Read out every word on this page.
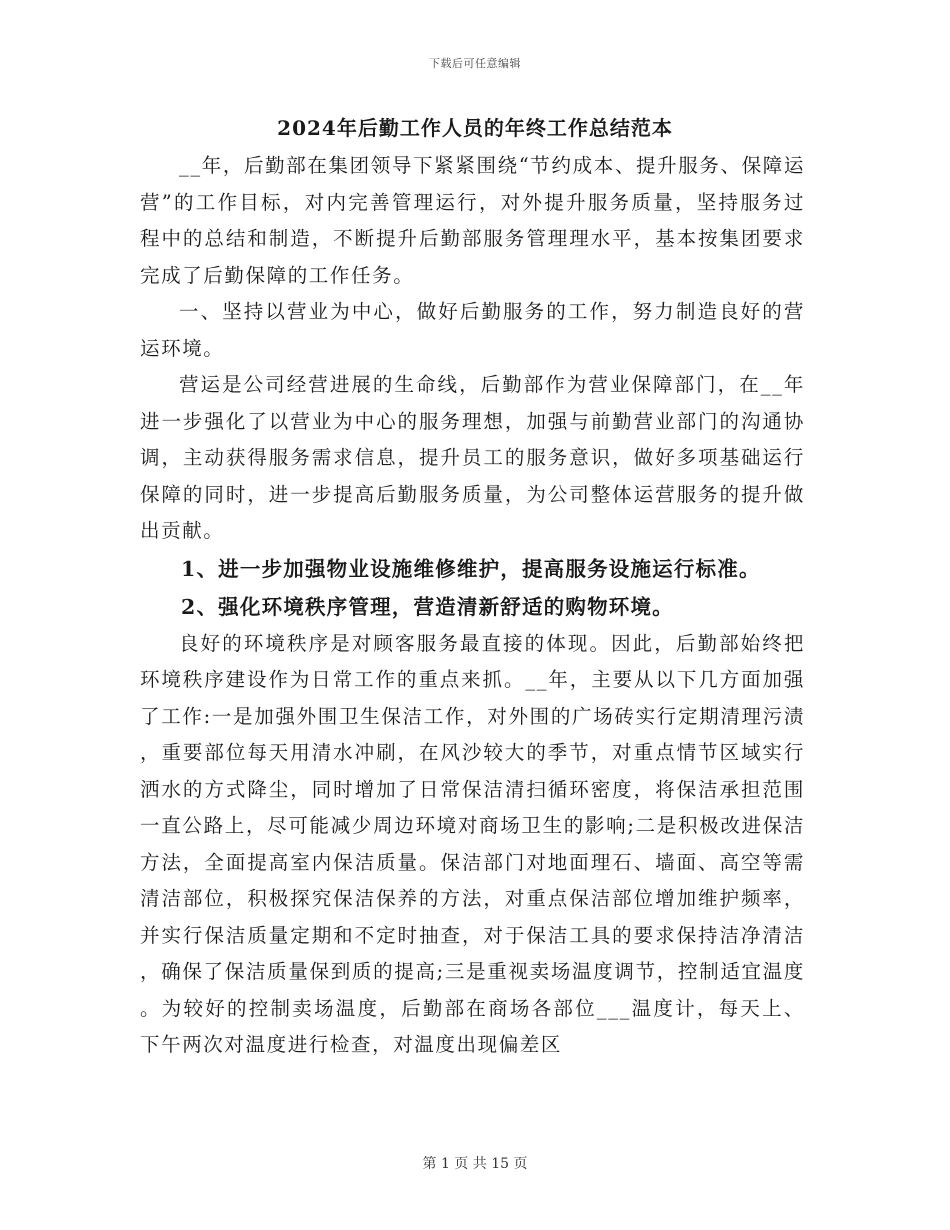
下载后可任意编辑
2024年后勤工作人员的年终工作总结范本

__年，后勤部在集团领导下紧紧围绕“节约成本、提升服务、保障运营”的工作目标，对内完善管理运行，对外提升服务质量，坚持服务过程中的总结和制造，不断提升后勤部服务管理理水平，基本按集团要求完成了后勤保障的工作任务。

一、坚持以营业为中心，做好后勤服务的工作，努力制造良好的营运环境。

营运是公司经营进展的生命线，后勤部作为营业保障部门，在__年进一步强化了以营业为中心的服务理想，加强与前勤营业部门的沟通协调，主动获得服务需求信息，提升员工的服务意识，做好多项基础运行保障的同时，进一步提高后勤服务质量，为公司整体运营服务的提升做出贡献。

1、进一步加强物业设施维修维护，提高服务设施运行标准。

2、强化环境秩序管理，营造清新舒适的购物环境。

良好的环境秩序是对顾客服务最直接的体现。因此，后勤部始终把环境秩序建设作为日常工作的重点来抓。__年，主要从以下几方面加强了工作:一是加强外围卫生保洁工作，对外围的广场砖实行定期清理污渍，重要部位每天用清水冲刷，在风沙较大的季节，对重点情节区域实行洒水的方式降尘，同时增加了日常保洁清扫循环密度，将保洁承担范围一直公路上，尽可能减少周边环境对商场卫生的影响;二是积极改进保洁方法，全面提高室内保洁质量。保洁部门对地面理石、墙面、高空等需清洁部位，积极探究保洁保养的方法，对重点保洁部位增加维护频率，并实行保洁质量定期和不定时抽查，对于保洁工具的要求保持洁净清洁，确保了保洁质量保到质的提高;三是重视卖场温度调节，控制适宜温度。为较好的控制卖场温度，后勤部在商场各部位___温度计，每天上、下午两次对温度进行检查，对温度出现偏差区

第 1 页 共 15 页
